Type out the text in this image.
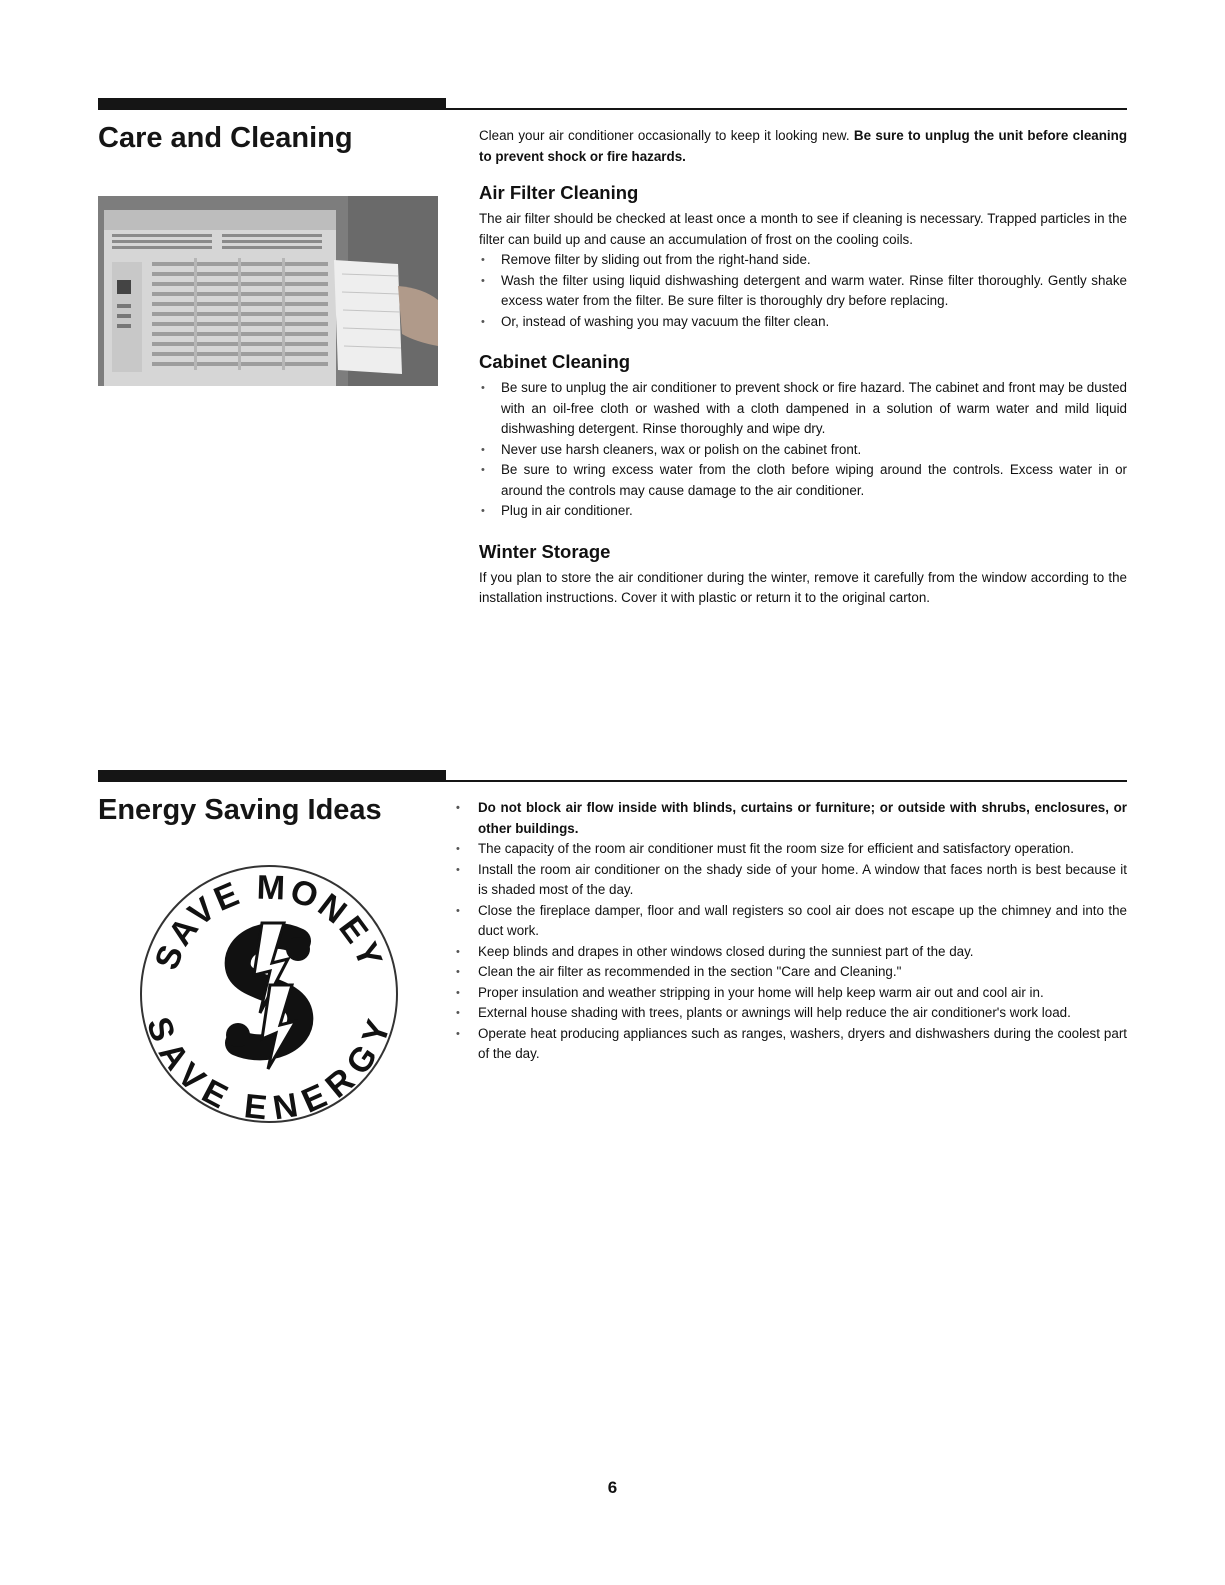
Care and Cleaning	Clean your air conditioner occasionally to keep it looking new. Be sure to unplug the unit before cleaning to prevent shock or fire hazards.

Air Filter Cleaning

The air filter should be checked at least once a month to see if cleaning is necessary. Trapped particles in the filter can build up and cause an accumulation of frost on the cooling coils.

• Remove filter by sliding out from the right-hand side.
• Wash the filter using liquid dishwashing detergent and warm water. Rinse filter thoroughly. Gently shake excess water from the filter. Be sure filter is thoroughly dry before replacing.
• Or, instead of washing you may vacuum the filter clean.
Cabinet Cleaning
• Be sure to unplug the air conditioner to prevent shock or fire hazard. The cabinet and front may be dusted with an oil-free cloth or washed with a cloth dampened in a solution of warm water and mild liquid dishwashing detergent. Rinse thoroughly and wipe dry.
• Never use harsh cleaners, wax or polish on the cabinet front.
• Be sure to wring excess water from the cloth before wiping around the controls. Excess water in or around the controls may cause damage to the air conditioner.
• Plug in air conditioner.
Winter Storage

If you plan to store the air conditioner during the winter, remove it carefully from the window according to the installation instructions. Cover it with plastic or return it to the original carton.

Energy Saving Ideas
SAVE MONEY
SAVE ENERGY
• Do not block air flow inside with blinds, curtains or furniture; or outside with shrubs, enclosures, or other buildings.
• The capacity of the room air conditioner must fit the room size for efficient and satisfactory operation.
• Install the room air conditioner on the shady side of your home. A window that faces north is best because it is shaded most of the day.
• Close the fireplace damper, floor and wall registers so cool air does not escape up the chimney and into the duct work.
• Keep blinds and drapes in other windows closed during the sunniest part of the day.
• Clean the air filter as recommended in the section "Care and Cleaning."
• Proper insulation and weather stripping in your home will help keep warm air out and cool air in.
• External house shading with trees, plants or awnings will help reduce the air conditioner's work load.
• Operate heat producing appliances such as ranges, washers, dryers and dishwashers during the coolest part of the day.
6
